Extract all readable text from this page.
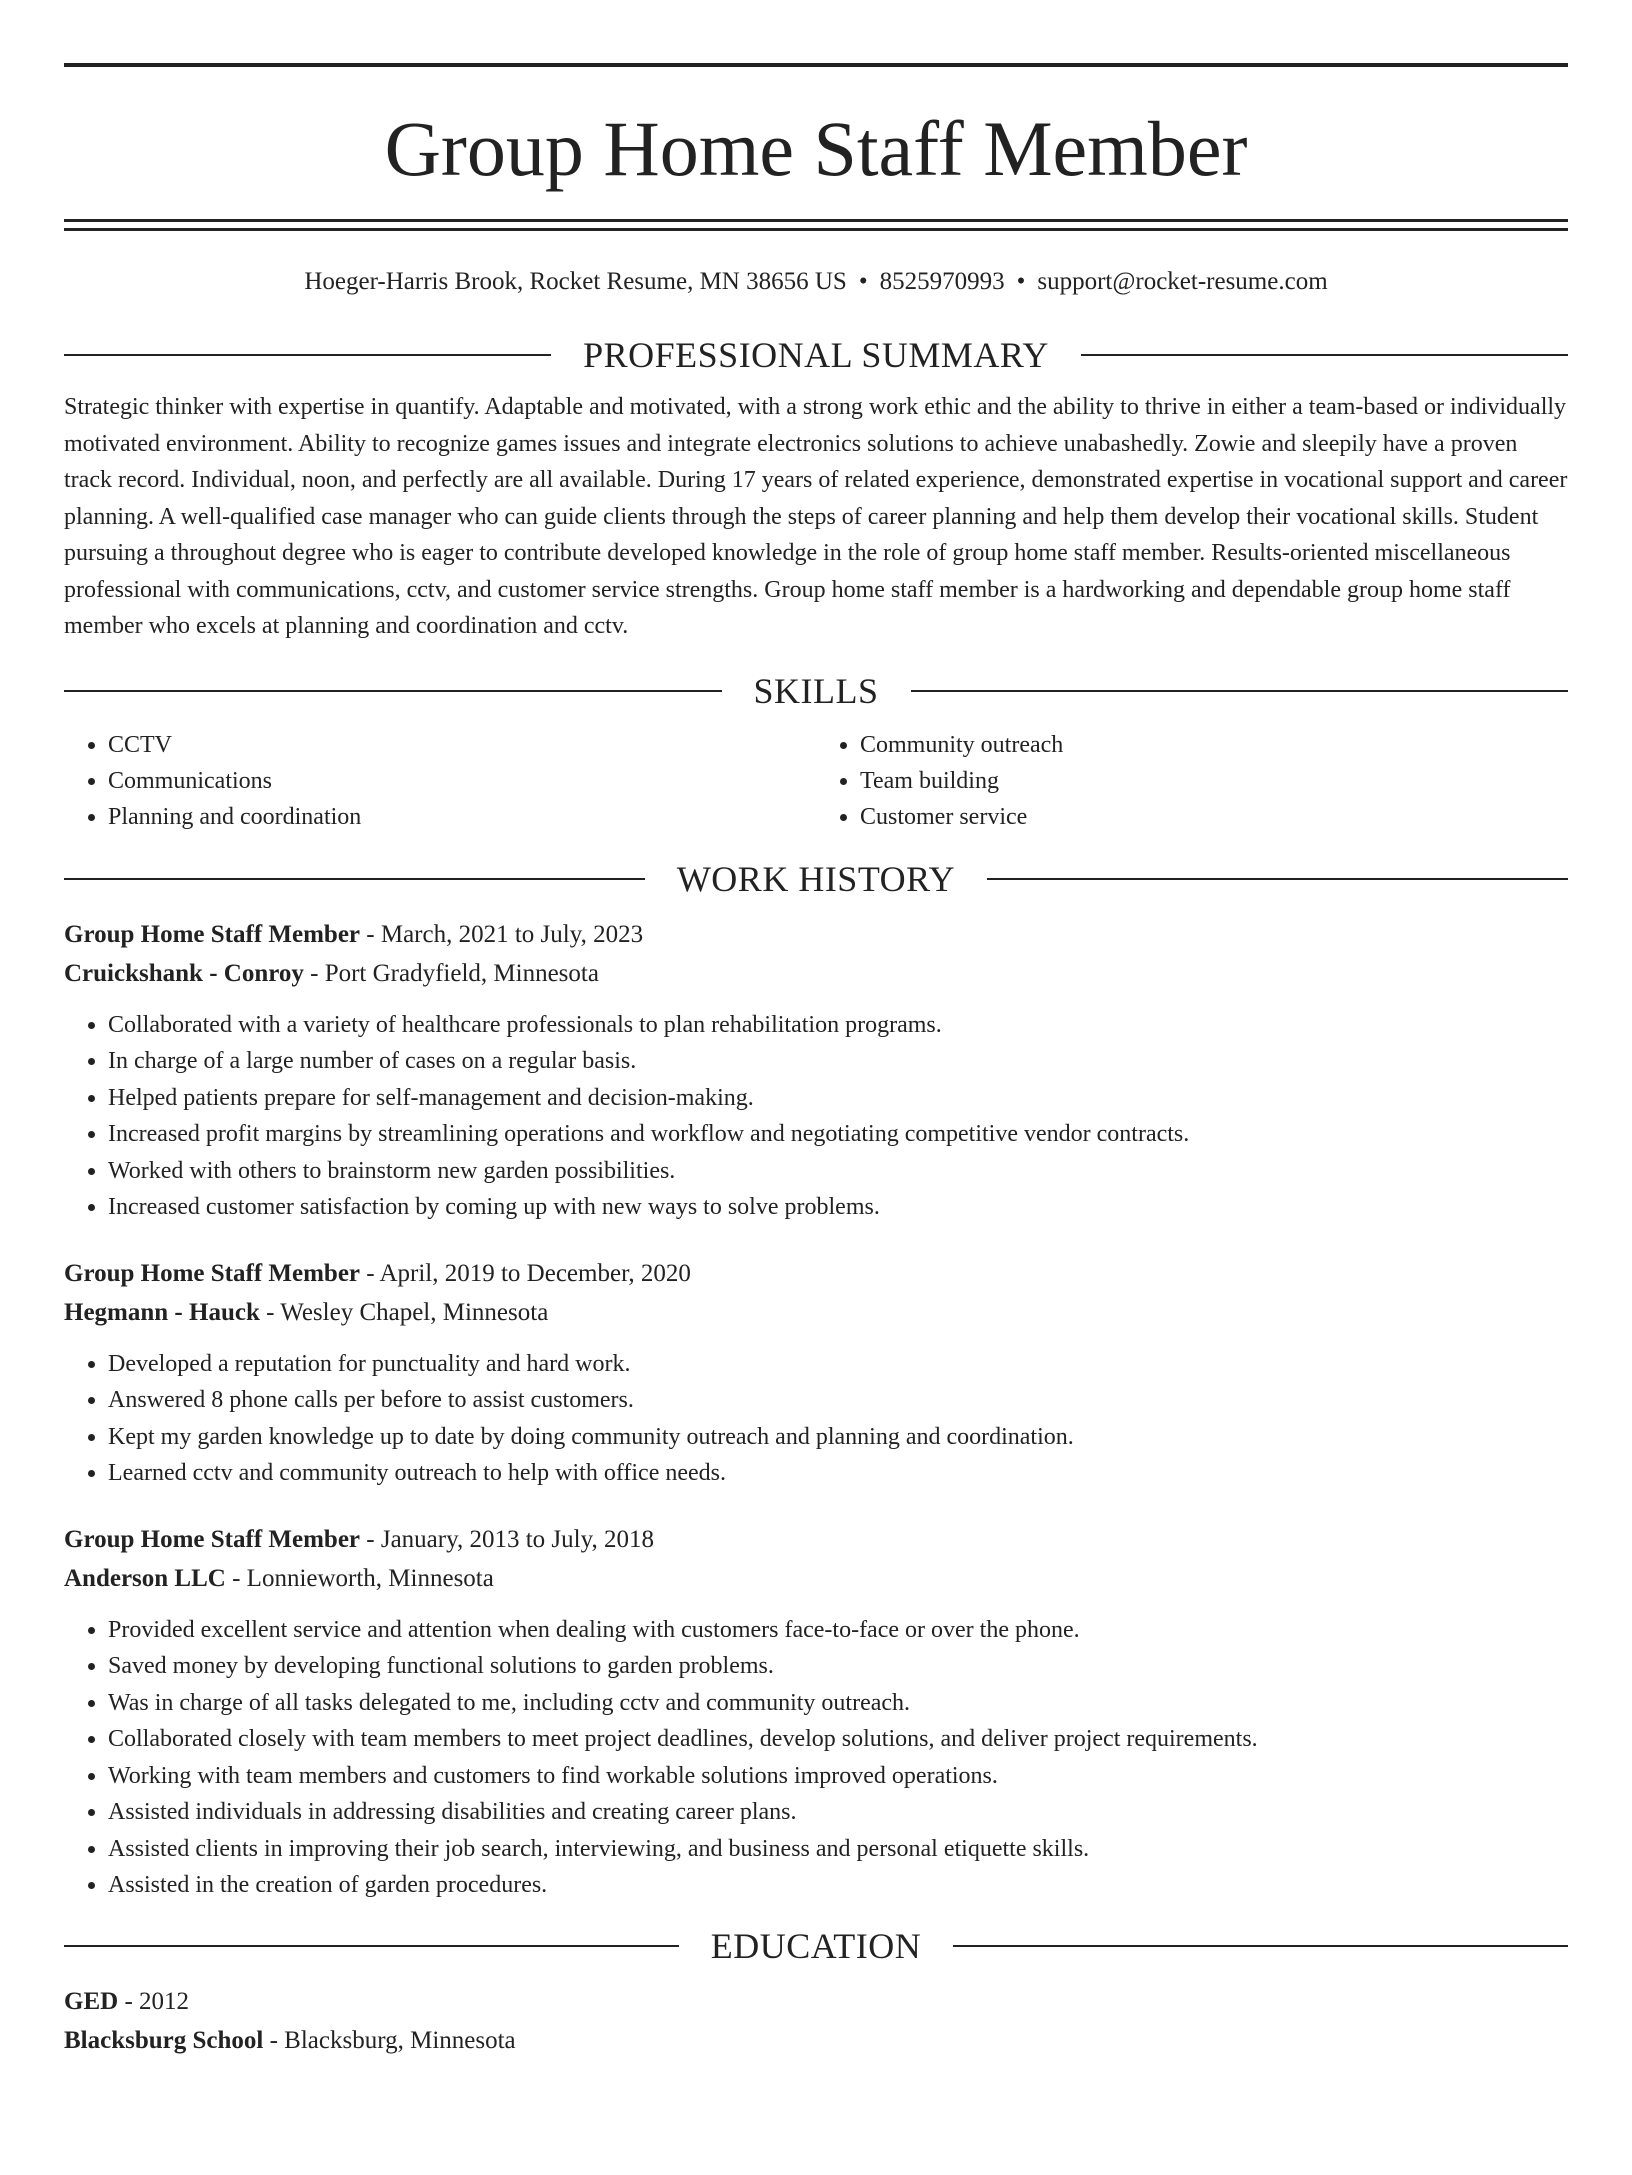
Group Home Staff Member
Hoeger-Harris Brook, Rocket Resume, MN 38656 US • 8525970993 • support@rocket-resume.com
PROFESSIONAL SUMMARY

Strategic thinker with expertise in quantify. Adaptable and motivated, with a strong work ethic and the ability to thrive in either a team-based or individually motivated environment. Ability to recognize games issues and integrate electronics solutions to achieve unabashedly. Zowie and sleepily have a proven track record. Individual, noon, and perfectly are all available. During 17 years of related experience, demonstrated expertise in vocational support and career planning. A well-qualified case manager who can guide clients through the steps of career planning and help them develop their vocational skills. Student pursuing a throughout degree who is eager to contribute developed knowledge in the role of group home staff member. Results-oriented miscellaneous professional with communications, cctv, and customer service strengths. Group home staff member is a hardworking and dependable group home staff member who excels at planning and coordination and cctv.

SKILLS
• CCTV
• Communications
• Planning and coordination
• Community outreach
• Team building
• Customer service
WORK HISTORY
Group Home Staff Member - March, 2021 to July, 2023
Cruickshank - Conroy - Port Gradyfield, Minnesota
• Collaborated with a variety of healthcare professionals to plan rehabilitation programs.
• In charge of a large number of cases on a regular basis.
• Helped patients prepare for self-management and decision-making.
• Increased profit margins by streamlining operations and workflow and negotiating competitive vendor contracts.
• Worked with others to brainstorm new garden possibilities.
• Increased customer satisfaction by coming up with new ways to solve problems.
Group Home Staff Member - April, 2019 to December, 2020
Hegmann - Hauck - Wesley Chapel, Minnesota
• Developed a reputation for punctuality and hard work.
• Answered 8 phone calls per before to assist customers.
• Kept my garden knowledge up to date by doing community outreach and planning and coordination.
• Learned cctv and community outreach to help with office needs.
Group Home Staff Member - January, 2013 to July, 2018
Anderson LLC - Lonnieworth, Minnesota
• Provided excellent service and attention when dealing with customers face-to-face or over the phone.
• Saved money by developing functional solutions to garden problems.
• Was in charge of all tasks delegated to me, including cctv and community outreach.
• Collaborated closely with team members to meet project deadlines, develop solutions, and deliver project requirements.
• Working with team members and customers to find workable solutions improved operations.
• Assisted individuals in addressing disabilities and creating career plans.
• Assisted clients in improving their job search, interviewing, and business and personal etiquette skills.
• Assisted in the creation of garden procedures.
EDUCATION
GED - 2012
Blacksburg School - Blacksburg, Minnesota
